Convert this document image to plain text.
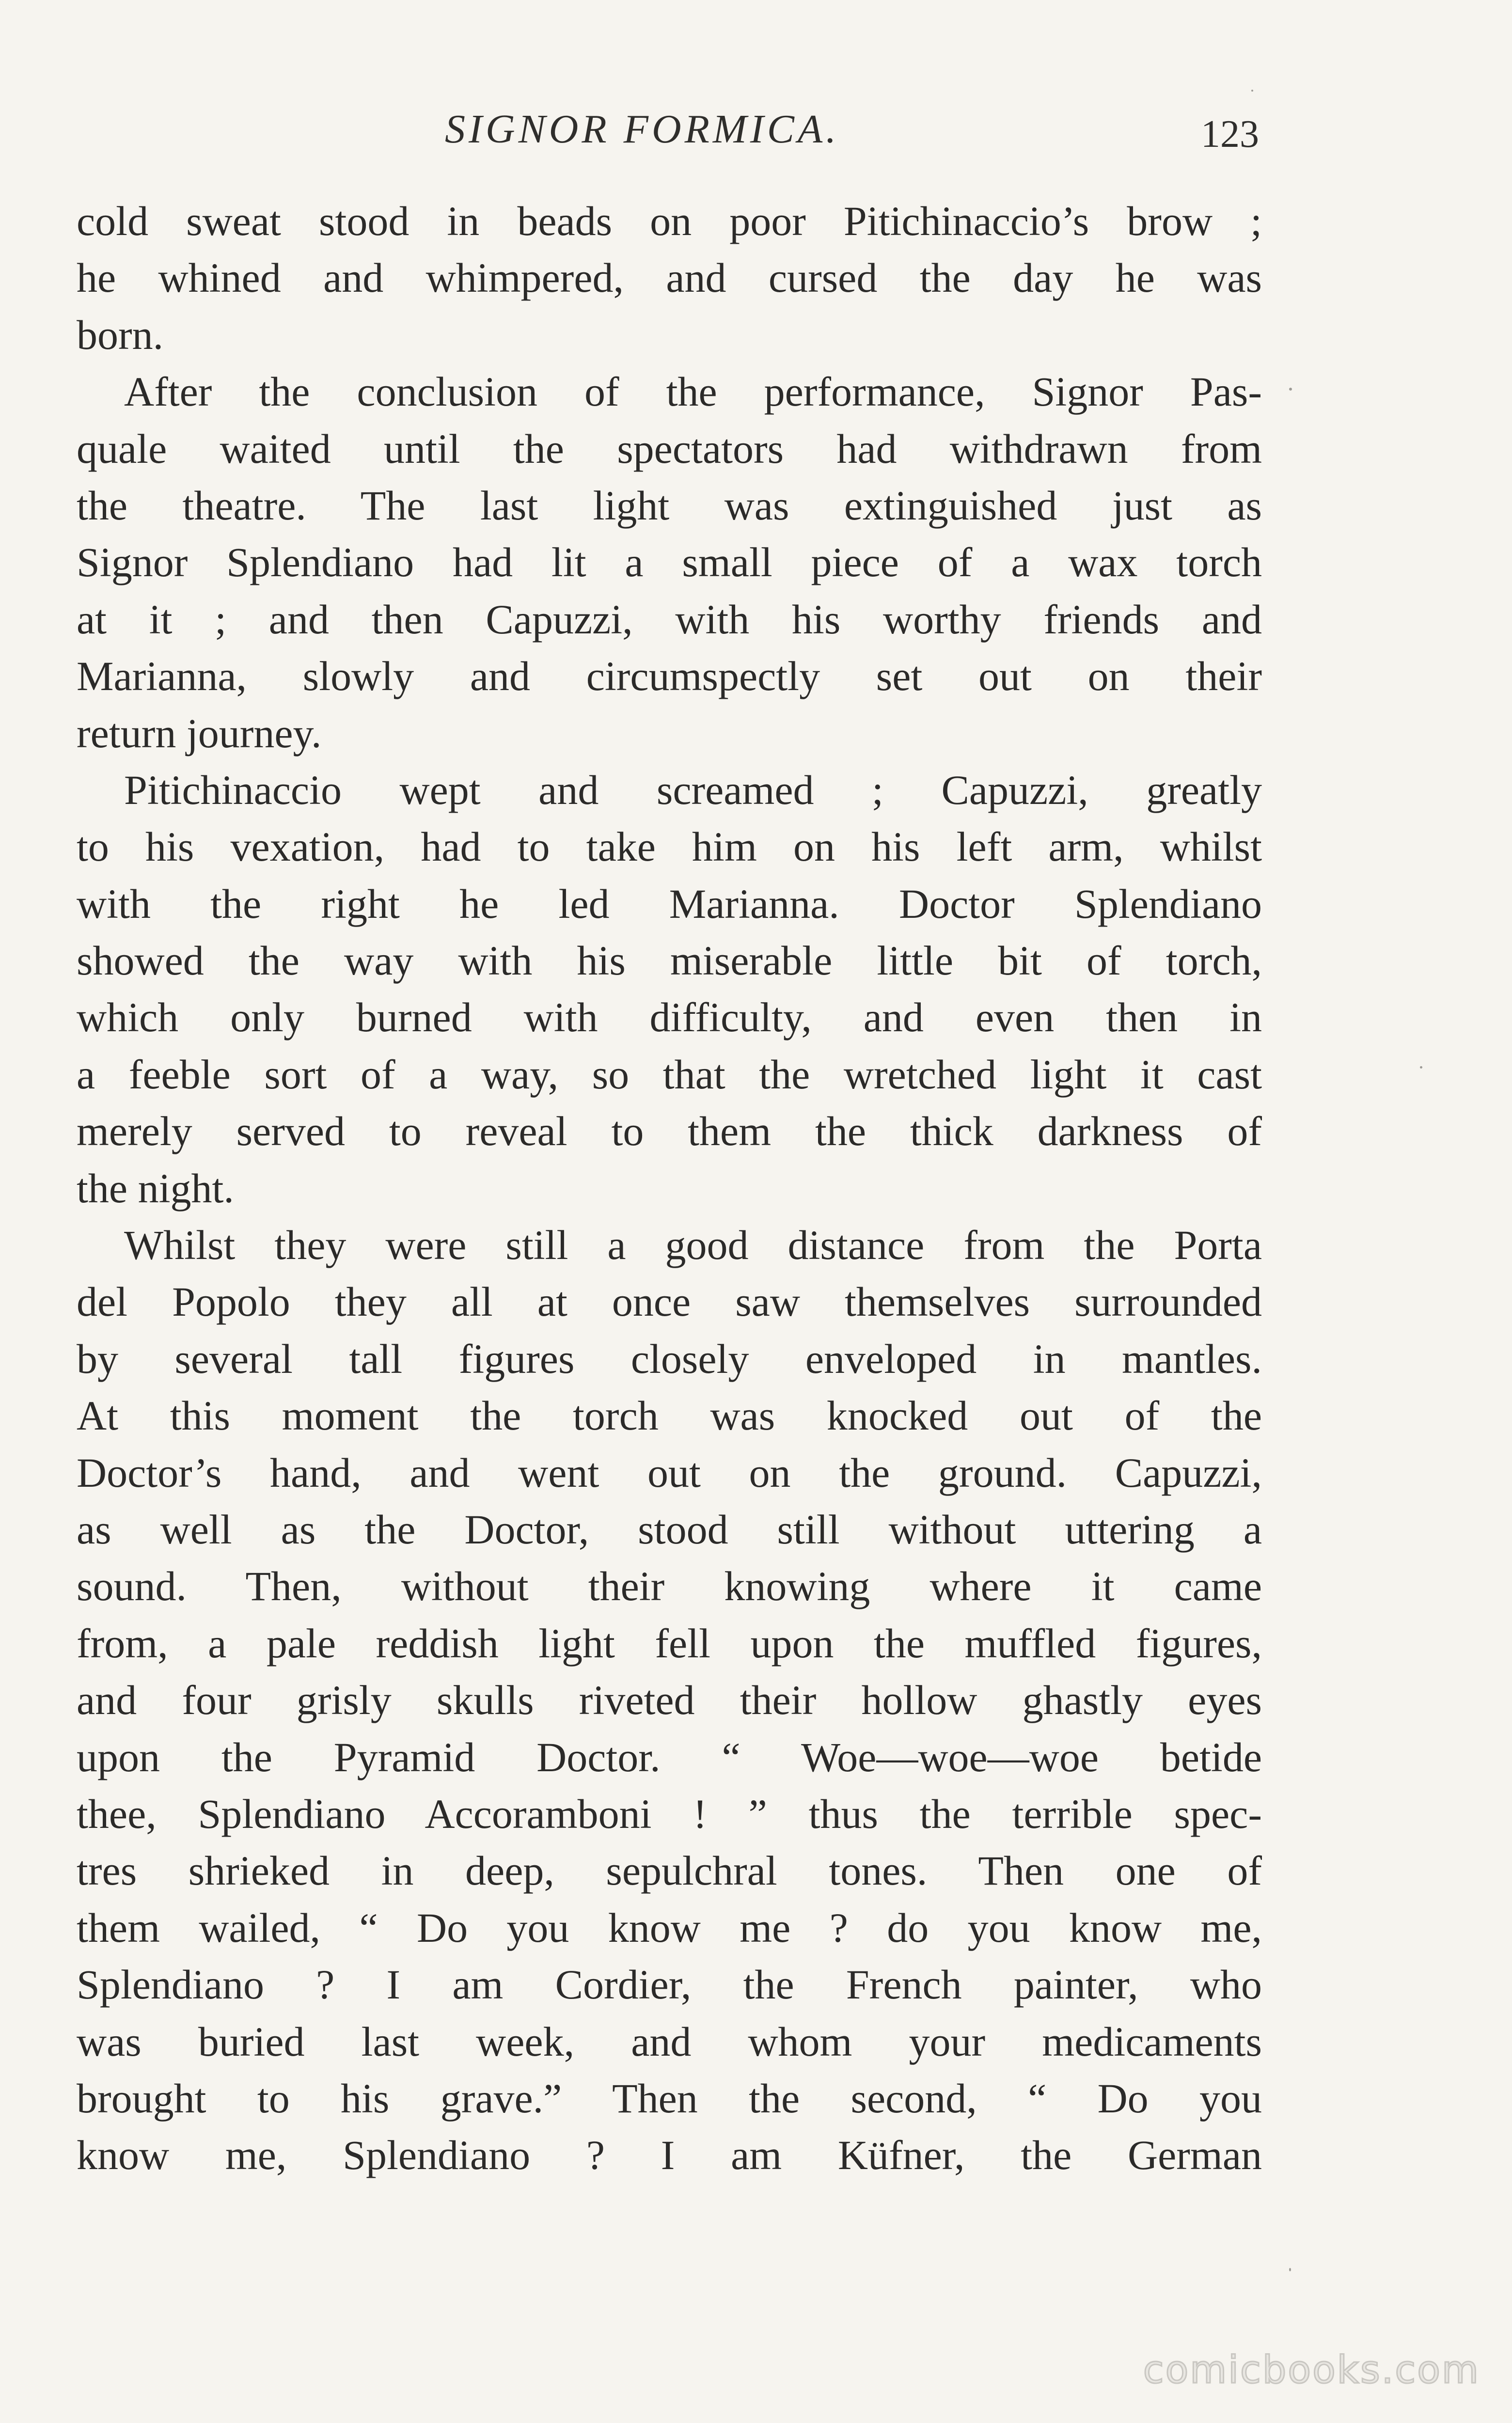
SIGNOR FORMICA.	123
cold sweat stood in beads on poor Pitichinaccio’s brow ;
he whined and whimpered, and cursed the day he was
born.
After the conclusion of the performance, Signor Pas-
quale waited until the spectators had withdrawn from
the theatre. The last light was extinguished just as
Signor Splendiano had lit a small piece of a wax torch
at it ; and then Capuzzi, with his worthy friends and
Marianna, slowly and circumspectly set out on their
return journey.
Pitichinaccio wept and screamed ; Capuzzi, greatly
to his vexation, had to take him on his left arm, whilst
with the right he led Marianna. Doctor Splendiano
showed the way with his miserable little bit of torch,
which only burned with difficulty, and even then in
a feeble sort of a way, so that the wretched light it cast
merely served to reveal to them the thick darkness of
the night.
Whilst they were still a good distance from the Porta
del Popolo they all at once saw themselves surrounded
by several tall figures closely enveloped in mantles.
At this moment the torch was knocked out of the
Doctor’s hand, and went out on the ground. Capuzzi,
as well as the Doctor, stood still without uttering a
sound. Then, without their knowing where it came
from, a pale reddish light fell upon the muffled figures,
and four grisly skulls riveted their hollow ghastly eyes
upon the Pyramid Doctor. “ Woe—woe—woe betide
thee, Splendiano Accoramboni ! ” thus the terrible spec-
tres shrieked in deep, sepulchral tones. Then one of
them wailed, “ Do you know me ? do you know me,
Splendiano ? I am Cordier, the French painter, who
was buried last week, and whom your medicaments
brought to his grave.” Then the second, “ Do you
know me, Splendiano ? I am Küfner, the German
comicbooks.com
